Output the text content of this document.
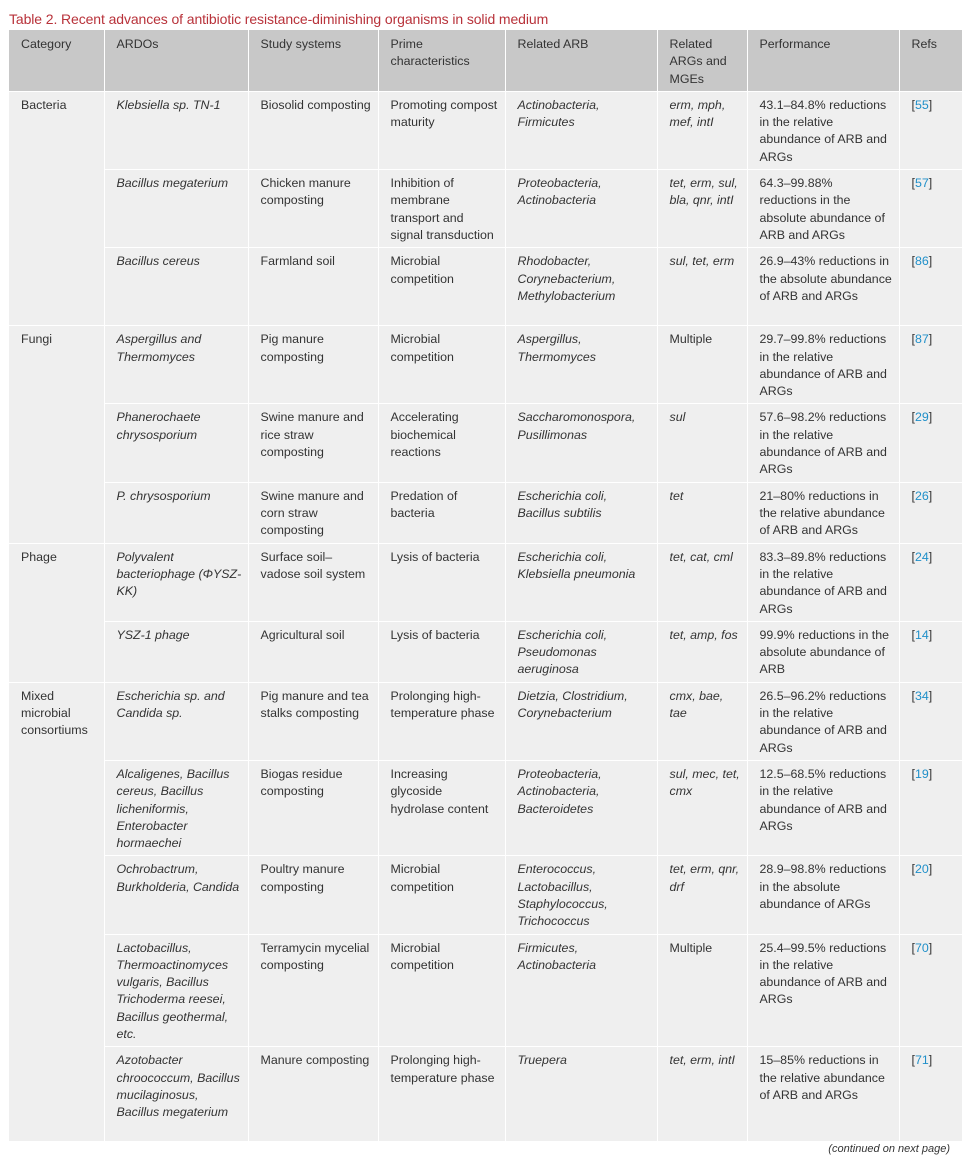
Table 2. Recent advances of antibiotic resistance-diminishing organisms in solid medium
Category	ARDOs	Study systems	Prime characteristics	Related ARB	Related ARGs and MGEs	Performance	Refs
Bacteria	Klebsiella sp. TN-1	Biosolid composting	Promoting compost maturity	Actinobacteria, Firmicutes	erm, mph, mef, intI	43.1–84.8% reductions in the relative abundance of ARB and ARGs	[55]
	Bacillus megaterium	Chicken manure composting	Inhibition of membrane transport and signal transduction	Proteobacteria, Actinobacteria	tet, erm, sul, bla, qnr, intI	64.3–99.88% reductions in the absolute abundance of ARB and ARGs	[57]
	Bacillus cereus	Farmland soil	Microbial competition	Rhodobacter, Corynebacterium, Methylobacterium	sul, tet, erm	26.9–43% reductions in the absolute abundance of ARB and ARGs	[86]
Fungi	Aspergillus and Thermomyces	Pig manure composting	Microbial competition	Aspergillus, Thermomyces	Multiple	29.7–99.8% reductions in the relative abundance of ARB and ARGs	[87]
	Phanerochaete chrysosporium	Swine manure and rice straw composting	Accelerating biochemical reactions	Saccharomonospora, Pusillimonas	sul	57.6–98.2% reductions in the relative abundance of ARB and ARGs	[29]
	P. chrysosporium	Swine manure and corn straw composting	Predation of bacteria	Escherichia coli, Bacillus subtilis	tet	21–80% reductions in the relative abundance of ARB and ARGs	[26]
Phage	Polyvalent bacteriophage (ΦYSZ-KK)	Surface soil–vadose soil system	Lysis of bacteria	Escherichia coli, Klebsiella pneumonia	tet, cat, cml	83.3–89.8% reductions in the relative abundance of ARB and ARGs	[24]
	YSZ-1 phage	Agricultural soil	Lysis of bacteria	Escherichia coli, Pseudomonas aeruginosa	tet, amp, fos	99.9% reductions in the absolute abundance of ARB	[14]
Mixed microbial consortiums	Escherichia sp. and Candida sp.	Pig manure and tea stalks composting	Prolonging high-temperature phase	Dietzia, Clostridium, Corynebacterium	cmx, bae, tae	26.5–96.2% reductions in the relative abundance of ARB and ARGs	[34]
	Alcaligenes, Bacillus cereus, Bacillus licheniformis, Enterobacter hormaechei	Biogas residue composting	Increasing glycoside hydrolase content	Proteobacteria, Actinobacteria, Bacteroidetes	sul, mec, tet, cmx	12.5–68.5% reductions in the relative abundance of ARB and ARGs	[19]
	Ochrobactrum, Burkholderia, Candida	Poultry manure composting	Microbial competition	Enterococcus, Lactobacillus, Staphylococcus, Trichococcus	tet, erm, qnr, drf	28.9–98.8% reductions in the absolute abundance of ARGs	[20]
	Lactobacillus, Thermoactinomyces vulgaris, Bacillus Trichoderma reesei, Bacillus geothermal, etc.	Terramycin mycelial composting	Microbial competition	Firmicutes, Actinobacteria	Multiple	25.4–99.5% reductions in the relative abundance of ARB and ARGs	[70]
	Azotobacter chroococcum, Bacillus mucilaginosus, Bacillus megaterium	Manure composting	Prolonging high-temperature phase	Truepera	tet, erm, intI	15–85% reductions in the relative abundance of ARB and ARGs	[71]
(continued on next page)
